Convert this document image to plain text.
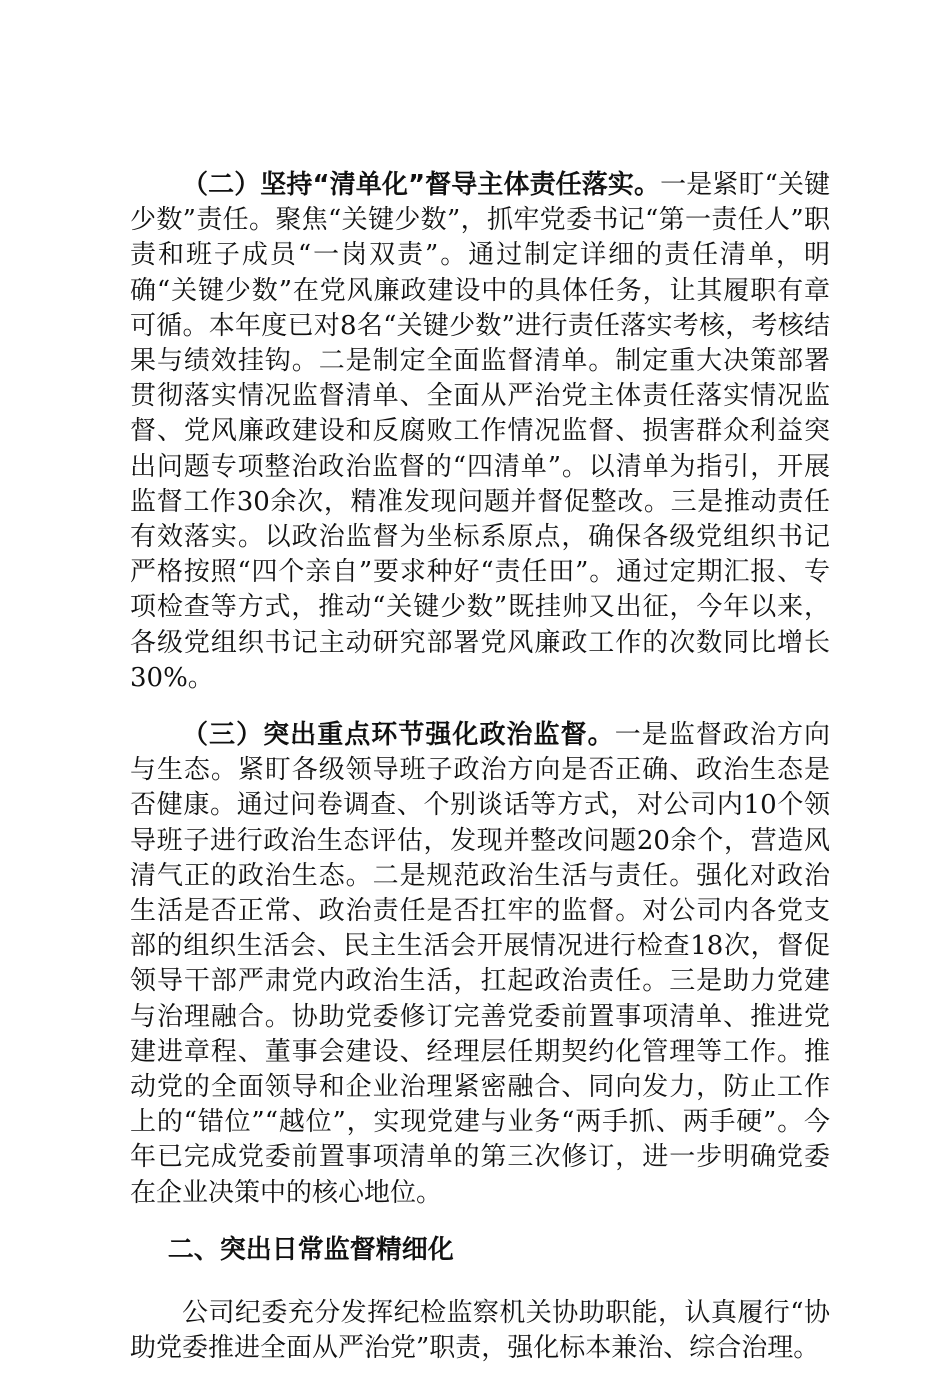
（二）坚持“清单化”督导主体责任落实。一是紧盯“关键少数”责任。聚焦“关键少数”，抓牢党委书记“第一责任人”职责和班子成员“一岗双责”。通过制定详细的责任清单，明确“关键少数”在党风廉政建设中的具体任务，让其履职有章可循。本年度已对8名“关键少数”进行责任落实考核，考核结果与绩效挂钩。二是制定全面监督清单。制定重大决策部署贯彻落实情况监督清单、全面从严治党主体责任落实情况监督、党风廉政建设和反腐败工作情况监督、损害群众利益突出问题专项整治政治监督的“四清单”。以清单为指引，开展监督工作30余次，精准发现问题并督促整改。三是推动责任有效落实。以政治监督为坐标系原点，确保各级党组织书记严格按照“四个亲自”要求种好“责任田”。通过定期汇报、专项检查等方式，推动“关键少数”既挂帅又出征，今年以来，各级党组织书记主动研究部署党风廉政工作的次数同比增长30%。

（三）突出重点环节强化政治监督。一是监督政治方向与生态。紧盯各级领导班子政治方向是否正确、政治生态是否健康。通过问卷调查、个别谈话等方式，对公司内10个领导班子进行政治生态评估，发现并整改问题20余个，营造风清气正的政治生态。二是规范政治生活与责任。强化对政治生活是否正常、政治责任是否扛牢的监督。对公司内各党支部的组织生活会、民主生活会开展情况进行检查18次，督促领导干部严肃党内政治生活，扛起政治责任。三是助力党建与治理融合。协助党委修订完善党委前置事项清单、推进党建进章程、董事会建设、经理层任期契约化管理等工作。推动党的全面领导和企业治理紧密融合、同向发力，防止工作上的“错位”“越位”，实现党建与业务“两手抓、两手硬”。今年已完成党委前置事项清单的第三次修订，进一步明确党委在企业决策中的核心地位。

二、突出日常监督精细化

公司纪委充分发挥纪检监察机关协助职能，认真履行“协助党委推进全面从严治党”职责，强化标本兼治、综合治理。
